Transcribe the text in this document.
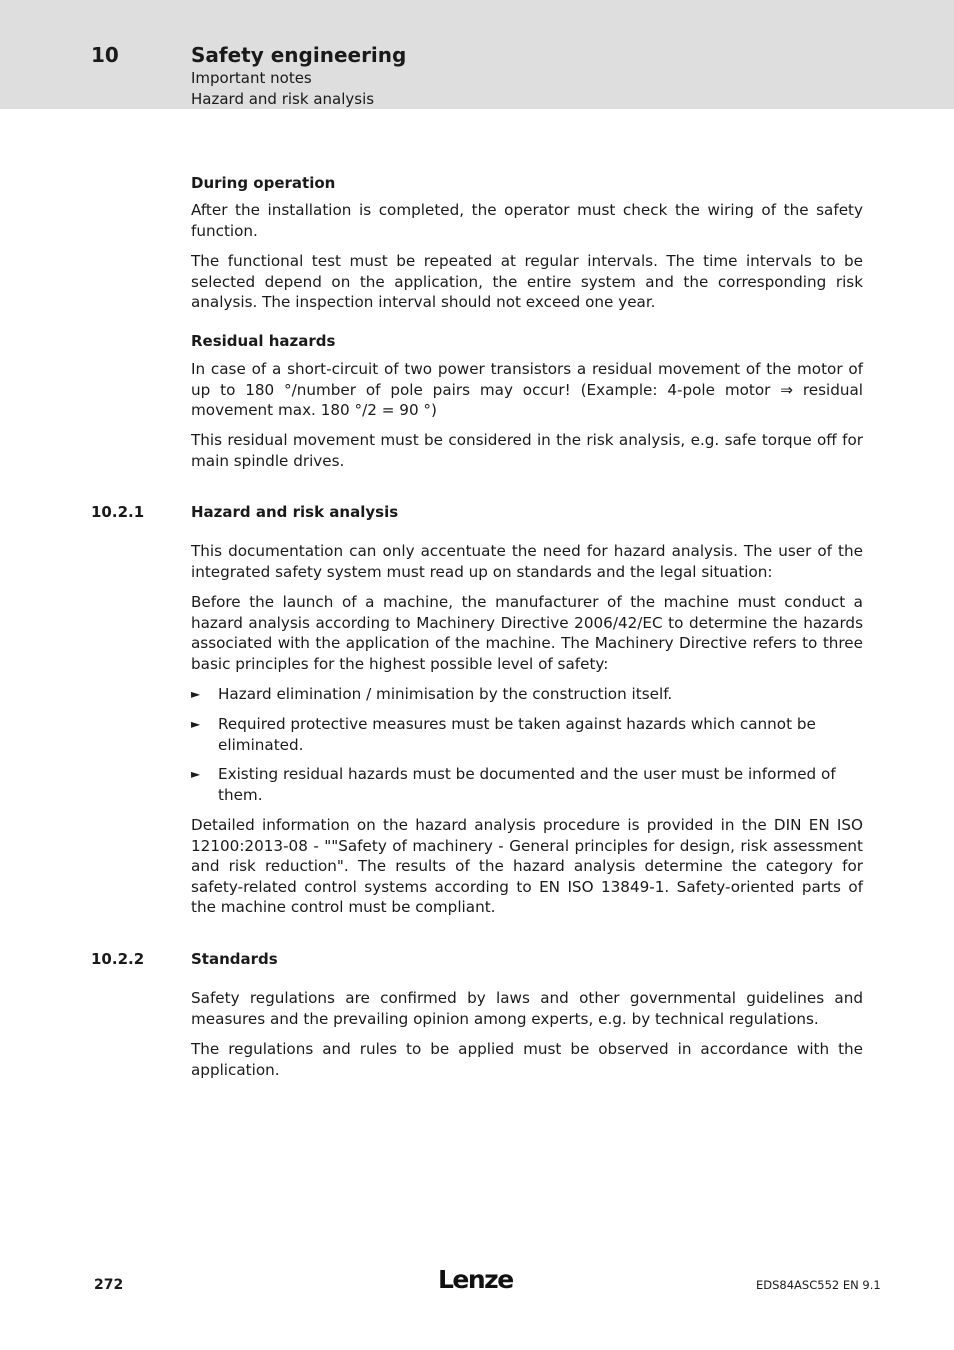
10	Safety engineering
Important notes
Hazard and risk analysis
During operation

After the installation is completed, the operator must check the wiring of the safety function.

The functional test must be repeated at regular intervals. The time intervals to be selected depend on the application, the entire system and the corresponding risk analysis. The inspection interval should not exceed one year.

Residual hazards

In case of a short-circuit of two power transistors a residual movement of the motor of up to 180 °/number of pole pairs may occur! (Example: 4-pole motor ⇒ residual movement max. 180 °/2 = 90 °)

This residual movement must be considered in the risk analysis, e.g. safe torque off for main spindle drives.

10.2.1	Hazard and risk analysis

This documentation can only accentuate the need for hazard analysis. The user of the integrated safety system must read up on standards and the legal situation:

Before the launch of a machine, the manufacturer of the machine must conduct a hazard analysis according to Machinery Directive 2006/42/EC to determine the hazards associated with the application of the machine. The Machinery Directive refers to three basic principles for the highest possible level of safety:

► Hazard elimination / minimisation by the construction itself.
► Required protective measures must be taken against hazards which cannot be eliminated.
► Existing residual hazards must be documented and the user must be informed of them.

Detailed information on the hazard analysis procedure is provided in the DIN EN ISO 12100:2013-08 - ""Safety of machinery - General principles for design, risk assessment and risk reduction". The results of the hazard analysis determine the category for safety-related control systems according to EN ISO 13849-1. Safety-oriented parts of the machine control must be compliant.

10.2.2	Standards

Safety regulations are confirmed by laws and other governmental guidelines and measures and the prevailing opinion among experts, e.g. by technical regulations.

The regulations and rules to be applied must be observed in accordance with the application.

272	Lenze	EDS84ASC552 EN 9.1
